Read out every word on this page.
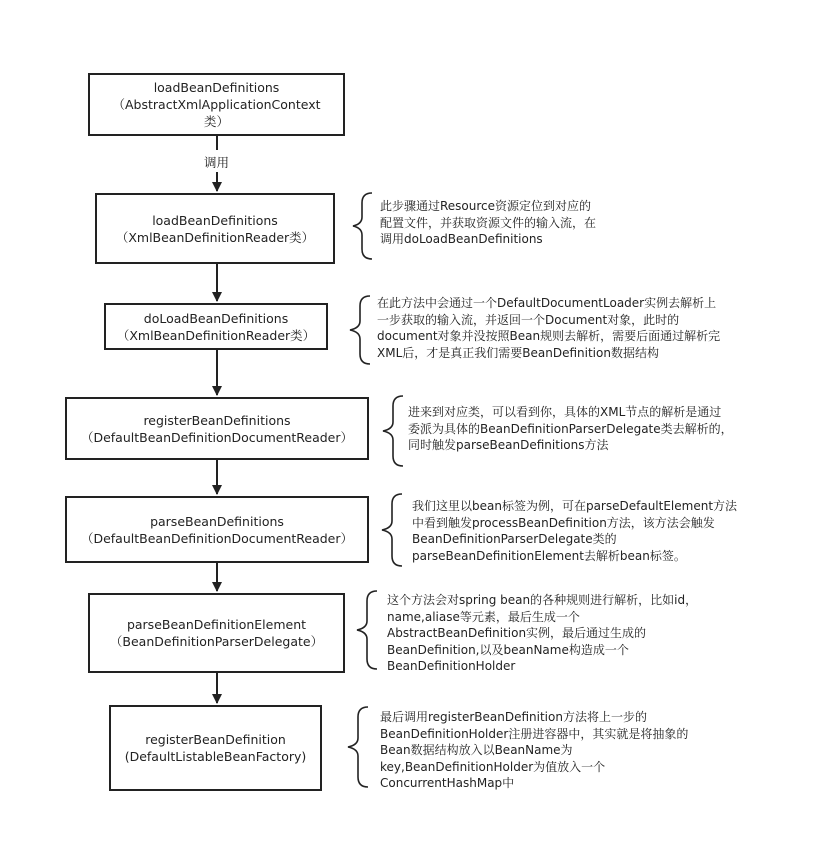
调用
loadBeanDefinitions
（AbstractXmlApplicationContext
类）
loadBeanDefinitions
（XmlBeanDefinitionReader类）
doLoadBeanDefinitions
（XmlBeanDefinitionReader类）
registerBeanDefinitions
（DefaultBeanDefinitionDocumentReader）
parseBeanDefinitions
（DefaultBeanDefinitionDocumentReader）
parseBeanDefinitionElement
（BeanDefinitionParserDelegate）
registerBeanDefinition
(DefaultListableBeanFactory)
此步骤通过Resource资源定位到对应的
配置文件，并获取资源文件的输入流，在
调用doLoadBeanDefinitions
在此方法中会通过一个DefaultDocumentLoader实例去解析上
一步获取的输入流，并返回一个Document对象，此时的
document对象并没按照Bean规则去解析，需要后面通过解析完
XML后，才是真正我们需要BeanDefinition数据结构
进来到对应类，可以看到你，具体的XML节点的解析是通过
委派为具体的BeanDefinitionParserDelegate类去解析的，
同时触发parseBeanDefinitions方法
我们这里以bean标签为例，可在parseDefaultElement方法
中看到触发processBeanDefinition方法，该方法会触发
BeanDefinitionParserDelegate类的
parseBeanDefinitionElement去解析bean标签。
这个方法会对spring bean的各种规则进行解析，比如id，
name,aliase等元素，最后生成一个
AbstractBeanDefinition实例，最后通过生成的
BeanDefinition,以及beanName构造成一个
BeanDefinitionHolder
最后调用registerBeanDefinition方法将上一步的
BeanDefinitionHolder注册进容器中，其实就是将抽象的
Bean数据结构放入以BeanName为
key,BeanDefinitionHolder为值放入一个
ConcurrentHashMap中
